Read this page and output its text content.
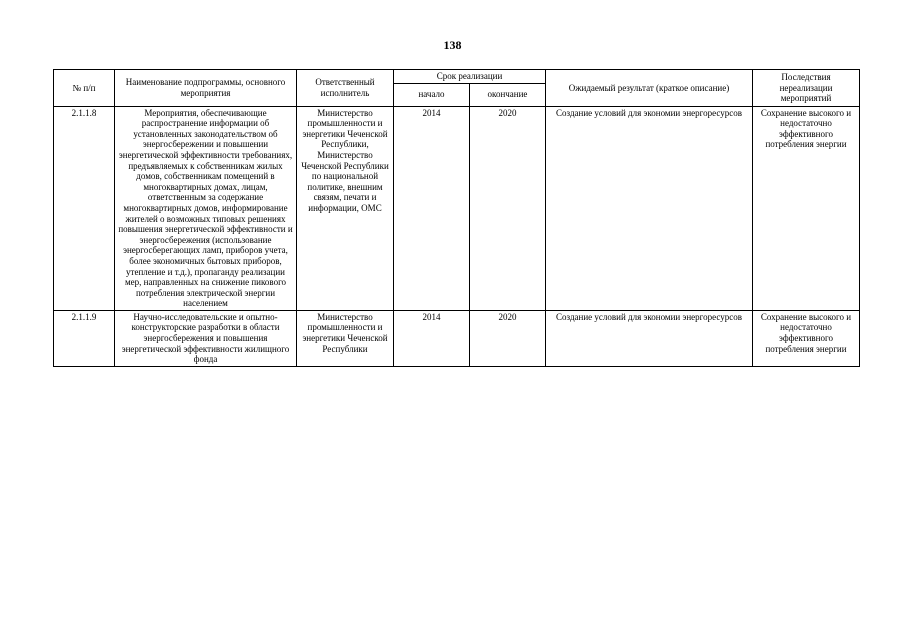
138
№ п/п	Наименование подпрограммы, основного мероприятия	Ответственный исполнитель	Срок реализации		Ожидаемый результат (краткое описание)	Последствия нереализации мероприятий
			начало	окончание		
2.1.1.8	Мероприятия, обеспечивающие распространение информации об установленных законодательством об энергосбережении и повышении энергетической эффективности требованиях, предъявляемых к собственникам жилых домов, собственникам помещений в многоквартирных домах, лицам, ответственным за содержание многоквартирных домов, информирование жителей о возможных типовых решениях повышения энергетической эффективности и энергосбережения (использование энергосберегающих ламп, приборов учета, более экономичных бытовых приборов, утепление и т.д.), пропаганду реализации мер, направленных на снижение пикового потребления электрической энергии населением	Министерство промышленности и энергетики Чеченской Республики, Министерство Чеченской Республики по национальной политике, внешним связям, печати и информации, ОМС	2014	2020	Создание условий для экономии энергоресурсов	Сохранение высокого и недостаточно эффективного потребления энергии
2.1.1.9	Научно-исследовательские и опытно-конструкторские разработки в области энергосбережения и повышения энергетической эффективности жилищного фонда	Министерство промышленности и энергетики Чеченской Республики	2014	2020	Создание условий для экономии энергоресурсов	Сохранение высокого и недостаточно эффективного потребления энергии
